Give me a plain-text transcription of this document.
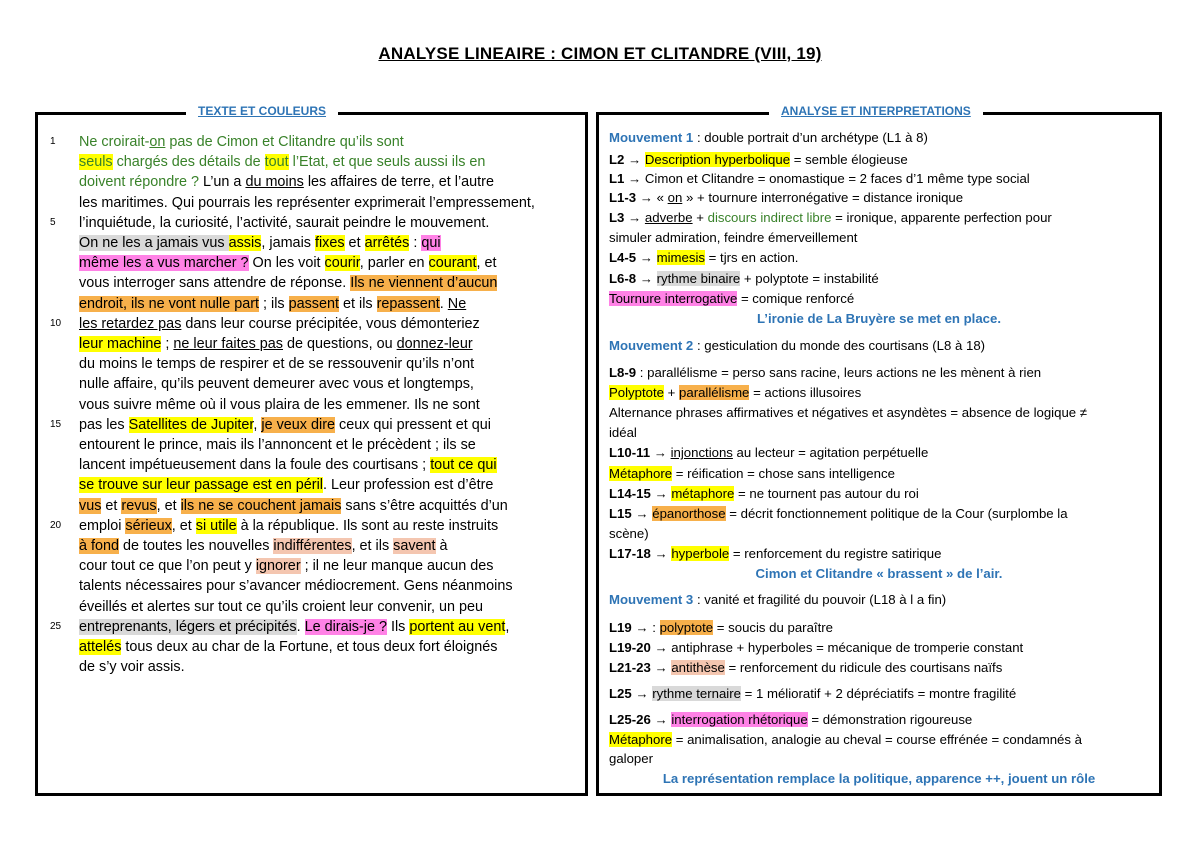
ANALYSE LINEAIRE : CIMON ET CLITANDRE (VIII, 19)
TEXTE ET COULEURS
1	Ne croirait-on pas de Cimon et Clitandre qu’ils sont
seuls chargés des détails de tout l’Etat, et que seuls aussi ils en
doivent répondre ? L’un a du moins les affaires de terre, et l’autre
les maritimes. Qui pourrais les représenter exprimerait l’empressement,
5	l’inquiétude, la curiosité, l’activité, saurait peindre le mouvement.
On ne les a jamais vus assis, jamais fixes et arrêtés : qui
même les a vus marcher ? On les voit courir, parler en courant, et
vous interroger sans attendre de réponse. Ils ne viennent d’aucun
endroit, ils ne vont nulle part ; ils passent et ils repassent. Ne
10	les retardez pas dans leur course précipitée, vous démonteriez
leur machine ; ne leur faites pas de questions, ou donnez-leur
du moins le temps de respirer et de se ressouvenir qu’ils n’ont
nulle affaire, qu’ils peuvent demeurer avec vous et longtemps,
vous suivre même où il vous plaira de les emmener. Ils ne sont
15	pas les Satellites de Jupiter, je veux dire ceux qui pressent et qui
entourent le prince, mais ils l’annoncent et le précèdent ; ils se
lancent impétueusement dans la foule des courtisans ; tout ce qui
se trouve sur leur passage est en péril. Leur profession est d’être
vus et revus, et ils ne se couchent jamais sans s’être acquittés d’un
20	emploi sérieux, et si utile à la république. Ils sont au reste instruits
à fond de toutes les nouvelles indifférentes, et ils savent à
cour tout ce que l’on peut y ignorer ; il ne leur manque aucun des
talents nécessaires pour s’avancer médiocrement. Gens néanmoins
éveillés et alertes sur tout ce qu’ils croient leur convenir, un peu
25	entreprenants, légers et précipités. Le dirais-je ? Ils portent au vent,
attelés tous deux au char de la Fortune, et tous deux fort éloignés
de s’y voir assis.
ANALYSE ET INTERPRETATIONS
Mouvement 1 : double portrait d’un archétype (L1 à 8)
L2 → Description hyperbolique = semble élogieuse
L1 → Cimon et Clitandre = onomastique = 2 faces d’1 même type social
L1-3 → « on » + tournure interronégative = distance ironique
L3 → adverbe + discours indirect libre = ironique, apparente perfection pour
simuler admiration, feindre émerveillement
L4-5 → mimesis = tjrs en action.
L6-8 → rythme binaire + polyptote = instabilité
Tournure interrogative = comique renforcé
L’ironie de La Bruyère se met en place.
Mouvement 2 : gesticulation du monde des courtisans (L8 à 18)
L8-9 : parallélisme = perso sans racine, leurs actions ne les mènent à rien
Polyptote + parallélisme = actions illusoires
Alternance phrases affirmatives et négatives et asyndètes = absence de logique ≠
idéal
L10-11 → injonctions au lecteur = agitation perpétuelle
Métaphore = réification = chose sans intelligence
L14-15 → métaphore = ne tournent pas autour du roi
L15 → épanorthose = décrit fonctionnement politique de la Cour (surplombe la
scène)
L17-18 → hyperbole = renforcement du registre satirique
Cimon et Clitandre « brassent » de l’air.
Mouvement 3 : vanité et fragilité du pouvoir (L18 à l a fin)
L19 → : polyptote = soucis du paraître
L19-20 → antiphrase + hyperboles = mécanique de tromperie constant
L21-23 → antithèse = renforcement du ridicule des courtisans naïfs
L25 → rythme ternaire = 1 mélioratif + 2 dépréciatifs = montre fragilité
L25-26 → interrogation rhétorique = démonstration rigoureuse
Métaphore = animalisation, analogie au cheval = course effrénée = condamnés à
galoper
La représentation remplace la politique, apparence ++, jouent un rôle
